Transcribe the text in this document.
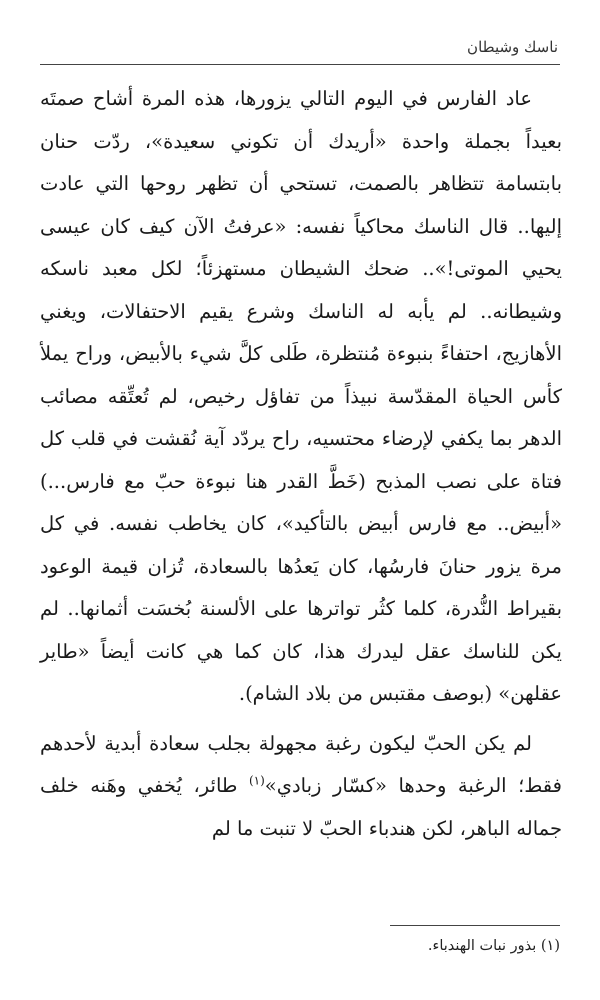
ناسك وشيطان

عاد الفارس في اليوم التالي يزورها، هذه المرة أشاح صمتَه بعيداً بجملة واحدة «أريدك أن تكوني سعيدة»، ردّت حنان بابتسامة تتظاهر بالصمت، تستحي أن تظهر روحها التي عادت إليها.. قال الناسك محاكياً نفسه: «عرفتُ الآن كيف كان عيسى يحيي الموتى!».. ضحك الشيطان مستهزئاً؛ لكل معبد ناسكه وشيطانه.. لم يأبه له الناسك وشرع يقيم الاحتفالات، ويغني الأهازيج، احتفاءً بنبوءة مُنتظرة، طَلى كلَّ شيء بالأبيض، وراح يملأ كأس الحياة المقدّسة نبيذاً من تفاؤل رخيص، لم تُعتِّقه مصائب الدهر بما يكفي لإرضاء محتسيه، راح يردّد آية نُقشت في قلب كل فتاة على نصب المذبح (خَطَّ القدر هنا نبوءة حبّ مع فارس...) «أبيض.. مع فارس أبيض بالتأكيد»، كان يخاطب نفسه. في كل مرة يزور حنانَ فارسُها، كان يَعدُها بالسعادة، تُزان قيمة الوعود بقيراط النُّدرة، كلما كثُر تواترها على الألسنة بُخسَت أثمانها.. لم يكن للناسك عقل ليدرك هذا، كان كما هي كانت أيضاً «طاير عقلهن» (بوصف مقتبس من بلاد الشام).

لم يكن الحبّ ليكون رغبة مجهولة بجلب سعادة أبدية لأحدهم فقط؛ الرغبة وحدها «كسّار زبادي»$^{(١)}$ طائر، يُخفي وهَنه خلف جماله الباهر، لكن هندباء الحبّ لا تنبت ما لم

(١) بذور نبات الهندباء.
